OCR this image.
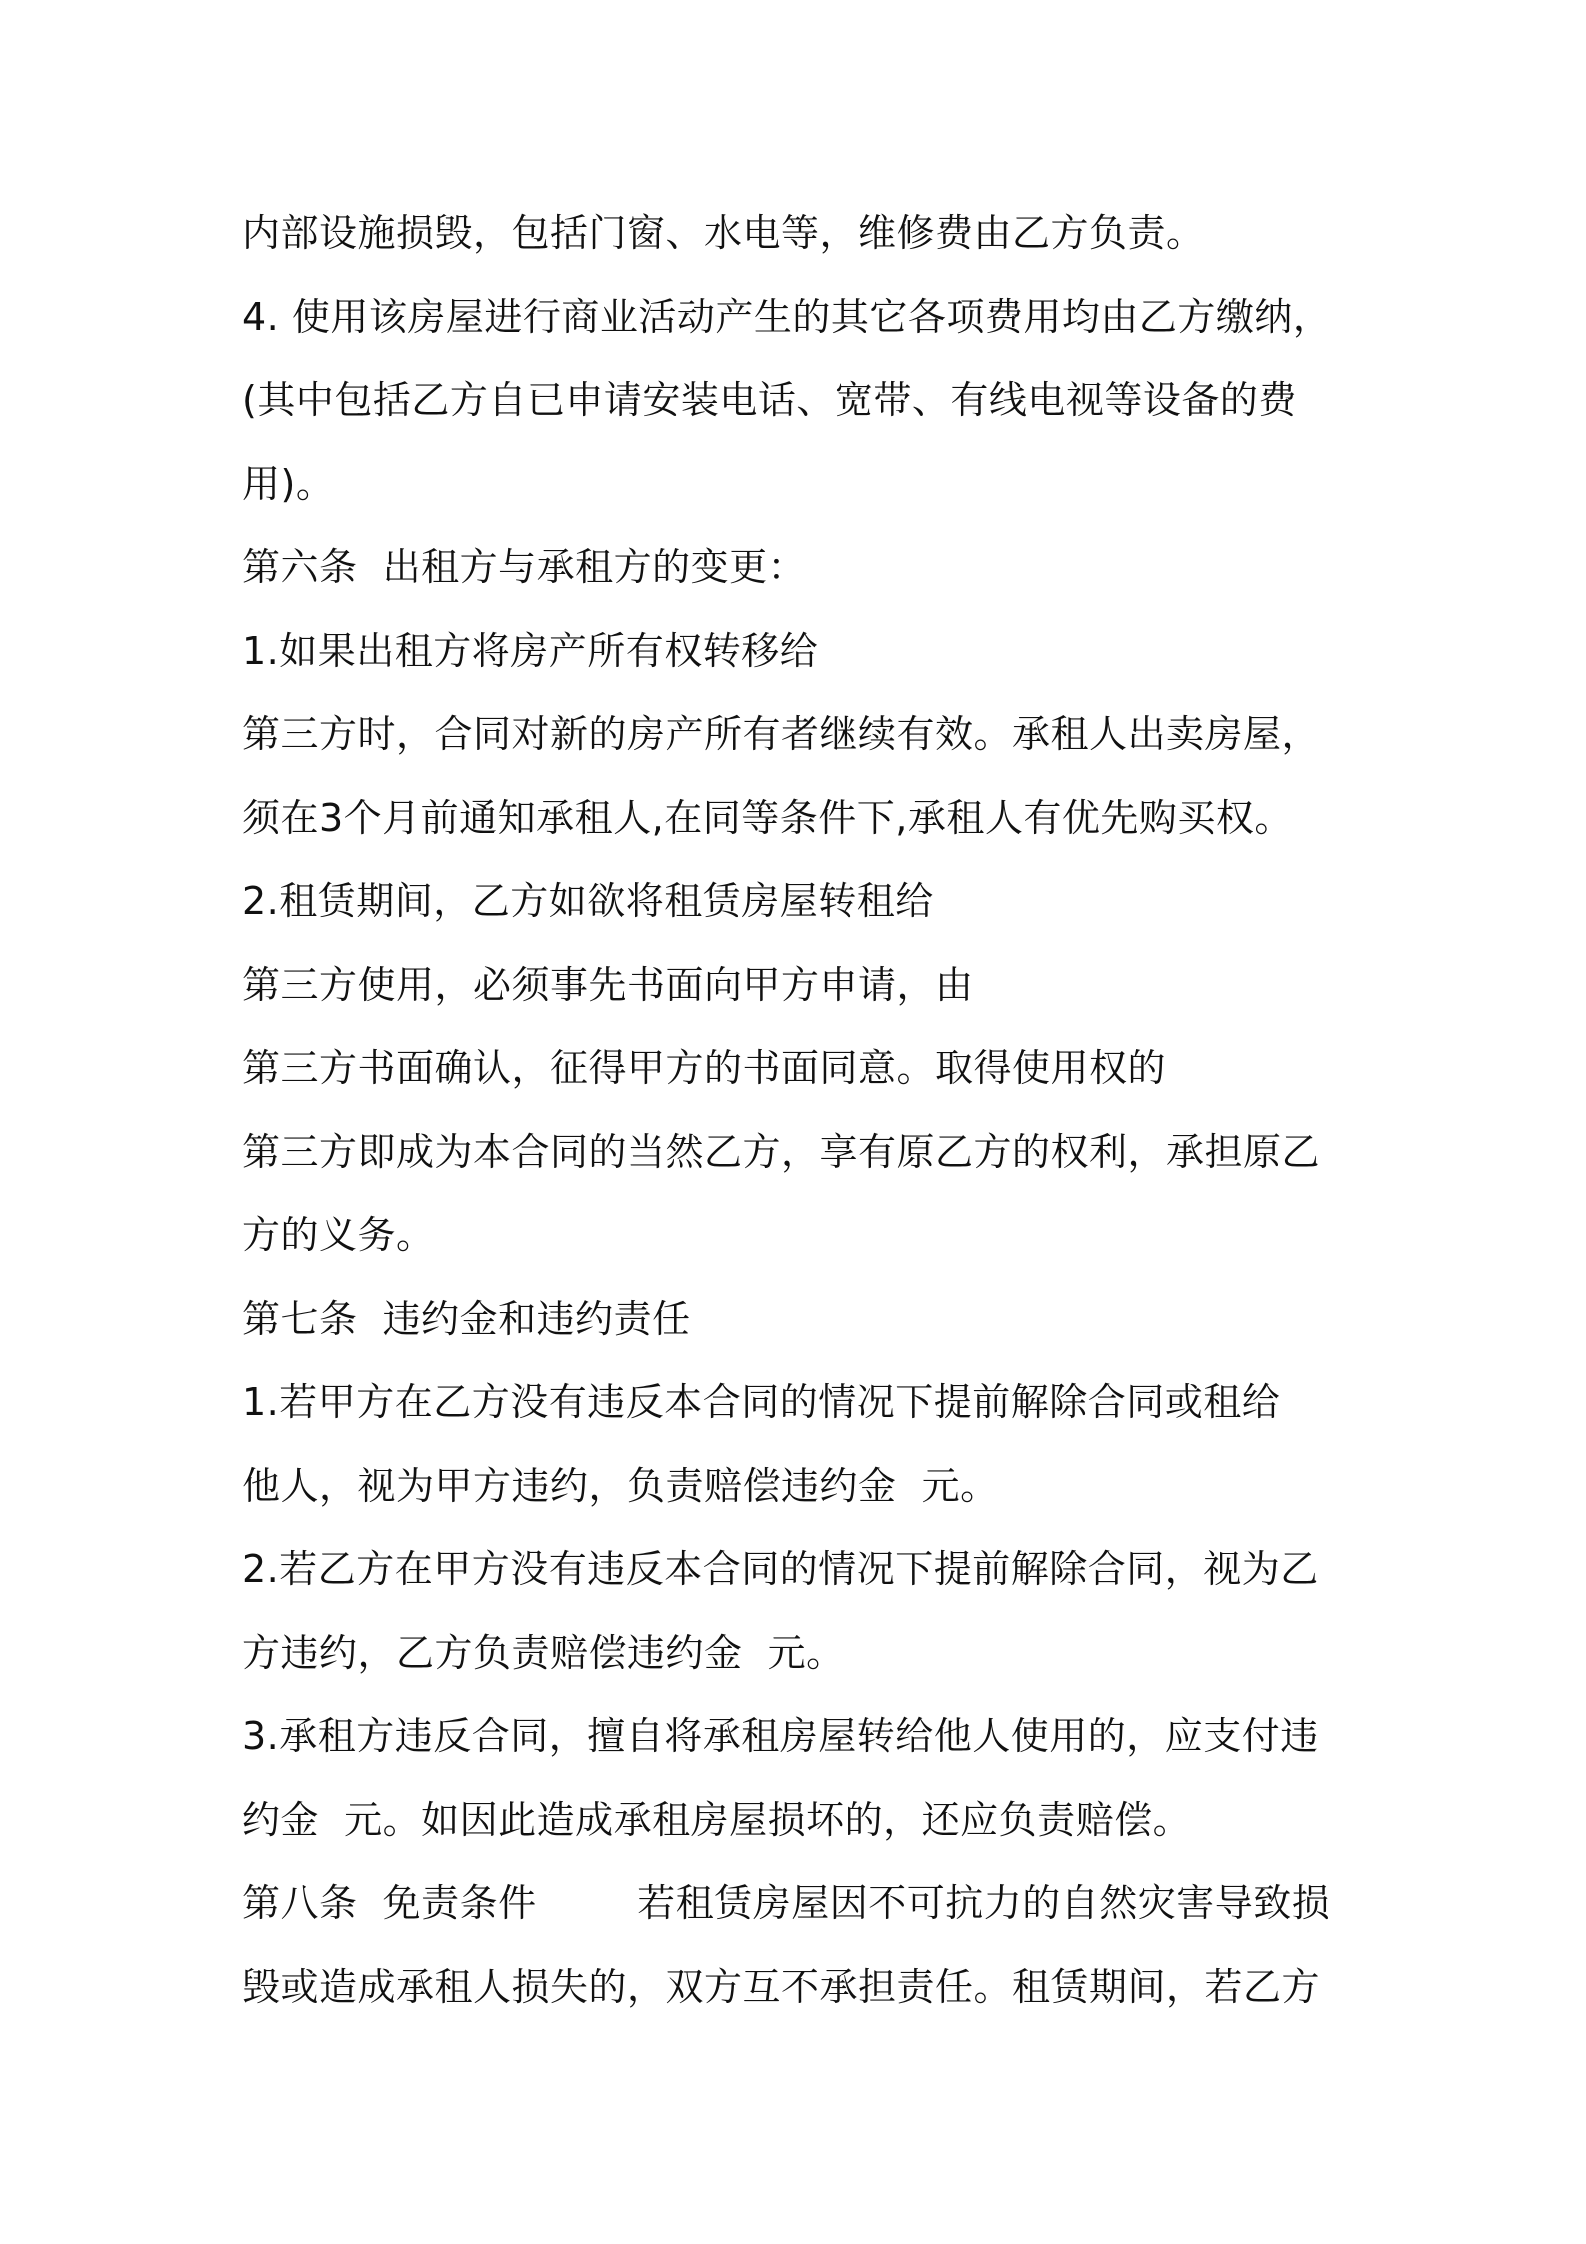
内部设施损毁，包括门窗、水电等，维修费由乙方负责。
4. 使用该房屋进行商业活动产生的其它各项费用均由乙方缴纳，
(其中包括乙方自已申请安装电话、宽带、有线电视等设备的费
用)。
第六条  出租方与承租方的变更：
1.如果出租方将房产所有权转移给
第三方时，合同对新的房产所有者继续有效。承租人出卖房屋，
须在3个月前通知承租人,在同等条件下,承租人有优先购买权。
2.租赁期间，乙方如欲将租赁房屋转租给
第三方使用，必须事先书面向甲方申请，由
第三方书面确认，征得甲方的书面同意。取得使用权的
第三方即成为本合同的当然乙方，享有原乙方的权利，承担原乙
方的义务。
第七条  违约金和违约责任
1.若甲方在乙方没有违反本合同的情况下提前解除合同或租给
他人，视为甲方违约，负责赔偿违约金  元。
2.若乙方在甲方没有违反本合同的情况下提前解除合同，视为乙
方违约，乙方负责赔偿违约金  元。
3.承租方违反合同，擅自将承租房屋转给他人使用的，应支付违
约金  元。如因此造成承租房屋损坏的，还应负责赔偿。
第八条  免责条件        若租赁房屋因不可抗力的自然灾害导致损
毁或造成承租人损失的，双方互不承担责任。租赁期间，若乙方
